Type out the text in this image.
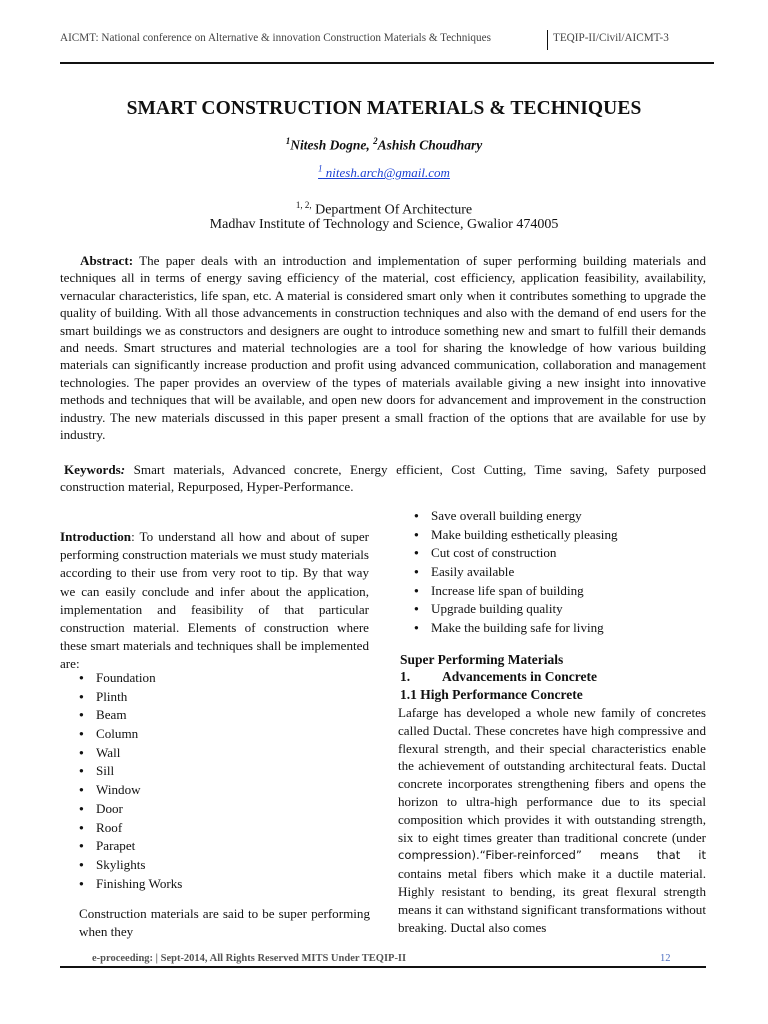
AICMT: National conference on Alternative & innovation Construction Materials & Techniques	TEQIP-II/Civil/AICMT-3
SMART CONSTRUCTION MATERIALS & TECHNIQUES
$^1$Nitesh Dogne, $^2$Ashish Choudhary
$^1$ nitesh.arch@gmail.com
$^{1, 2,}$ Department Of Architecture
Madhav Institute of Technology and Science, Gwalior 474005

Abstract: The paper deals with an introduction and implementation of super performing building materials and techniques all in terms of energy saving efficiency of the material, cost efficiency, application feasibility, availability, vernacular characteristics, life span, etc. A material is considered smart only when it contributes something to upgrade the quality of building. With all those advancements in construction techniques and also with the demand of end users for the smart buildings we as constructors and designers are ought to introduce something new and smart to fulfill their demands and needs. Smart structures and material technologies are a tool for sharing the knowledge of how various building materials can significantly increase production and profit using advanced communication, collaboration and management technologies. The paper provides an overview of the types of materials available giving a new insight into innovative methods and techniques that will be available, and open new doors for advancement and improvement in the construction industry. The new materials discussed in this paper present a small fraction of the options that are available for use by industry.

Keywords: Smart materials, Advanced concrete, Energy efficient, Cost Cutting, Time saving, Safety purposed construction material, Repurposed, Hyper-Performance.

Introduction: To understand all how and about of super performing construction materials we must study materials according to their use from very root to tip. By that way we can easily conclude and infer about the application, implementation and feasibility of that particular construction material. Elements of construction where these smart materials and techniques shall be implemented are:

● Foundation
● Plinth
● Beam
● Column
● Wall
● Sill
● Window
● Door
● Roof
● Parapet
● Skylights
● Finishing Works

Construction materials are said to be super performing when they

● Save overall building energy
● Make building esthetically pleasing
● Cut cost of construction
● Easily available
● Increase life span of building
● Upgrade building quality
● Make the building safe for living
Super Performing Materials
1. Advancements in Concrete
1.1 High Performance Concrete

Lafarge has developed a whole new family of concretes called Ductal. These concretes have high compressive and flexural strength, and their special characteristics enable the achievement of outstanding architectural feats. Ductal concrete incorporates strengthening fibers and opens the horizon to ultra-high performance due to its special composition which provides it with outstanding strength, six to eight times greater than traditional concrete (under compression).“Fiber-reinforced” means that it contains metal fibers which make it a ductile material. Highly resistant to bending, its great flexural strength means it can withstand significant transformations without breaking. Ductal also comes

e-proceeding: | Sept-2014, All Rights Reserved MITS Under TEQIP-II	12
